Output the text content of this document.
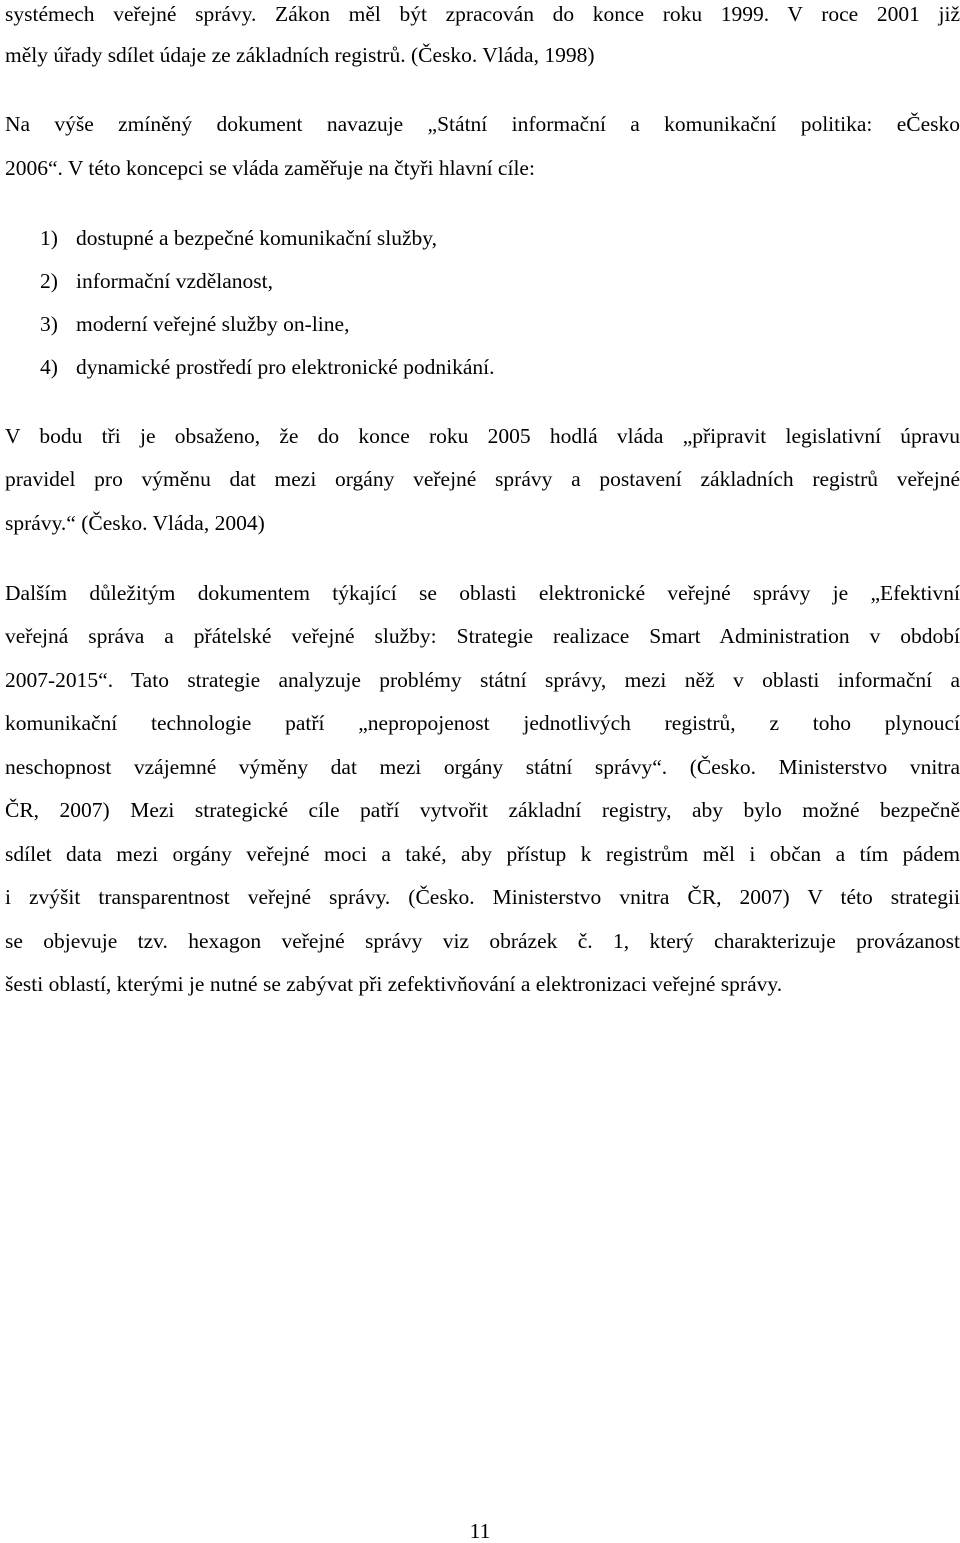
systémech veřejné správy. Zákon měl být zpracován do konce roku 1999. V roce 2001 již
měly úřady sdílet údaje ze základních registrů. (Česko. Vláda, 1998)
Na výše zmíněný dokument navazuje „Státní informační a komunikační politika: eČesko
2006“. V této koncepci se vláda zaměřuje na čtyři hlavní cíle:
1) dostupné a bezpečné komunikační služby,
2) informační vzdělanost,
3) moderní veřejné služby on-line,
4) dynamické prostředí pro elektronické podnikání.
V bodu tři je obsaženo, že do konce roku 2005 hodlá vláda „připravit legislativní úpravu
pravidel pro výměnu dat mezi orgány veřejné správy a postavení základních registrů veřejné
správy.“ (Česko. Vláda, 2004)
Dalším důležitým dokumentem týkající se oblasti elektronické veřejné správy je „Efektivní
veřejná správa a přátelské veřejné služby: Strategie realizace Smart Administration v období
2007-2015“. Tato strategie analyzuje problémy státní správy, mezi něž v oblasti informační a
komunikační technologie patří „nepropojenost jednotlivých registrů, z toho plynoucí
neschopnost vzájemné výměny dat mezi orgány státní správy“. (Česko. Ministerstvo vnitra
ČR, 2007) Mezi strategické cíle patří vytvořit základní registry, aby bylo možné bezpečně
sdílet data mezi orgány veřejné moci a také, aby přístup k registrům měl i občan a tím pádem
i zvýšit transparentnost veřejné správy. (Česko. Ministerstvo vnitra ČR, 2007) V této strategii
se objevuje tzv. hexagon veřejné správy viz obrázek č. 1, který charakterizuje provázanost
šesti oblastí, kterými je nutné se zabývat při zefektivňování a elektronizaci veřejné správy.
11
